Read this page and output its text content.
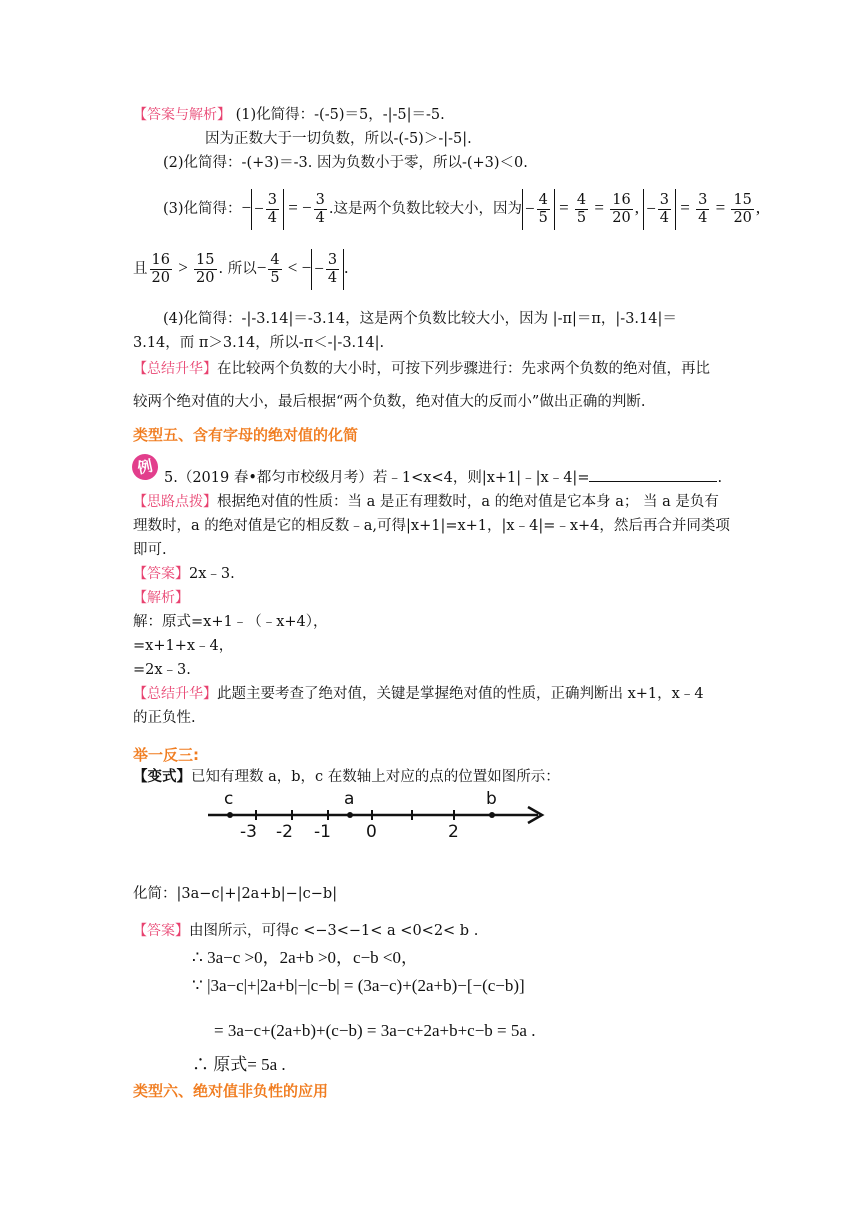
【答案与解析】 (1)化简得：-(-5)＝5，-|-5|＝-5.
因为正数大于一切负数，所以-(-5)＞-|-5|.
(2)化简得：-(+3)＝-3. 因为负数小于零，所以-(+3)＜0.
(3)化简得：− − $\frac{3}{4}$ = − $\frac{3}{4}$ .这是两个负数比较大小，因为 − $\frac{4}{5} = \frac{4}{5} = \frac{16}{20}$ , − $\frac{3}{4} = \frac{3}{4} = \frac{15}{20}$ ,
且 $\frac{16}{20} > \frac{15}{20}$ . 所以− $\frac{4}{5}$ < − − $\frac{3}{4}$ .
(4)化简得：-|-3.14|＝-3.14，这是两个负数比较大小，因为 |-π|＝π，|-3.14|＝
3.14，而 π＞3.14，所以-π＜-|-3.14|.
【总结升华】在比较两个负数的大小时，可按下列步骤进行：先求两个负数的绝对值，再比
较两个绝对值的大小，最后根据“两个负数，绝对值大的反而小”做出正确的判断.
类型五、含有字母的绝对值的化简
例
5.（2019 春•都匀市校级月考）若﹣1<x<4，则|x+1|﹣|x﹣4|=	.
【思路点拨】根据绝对值的性质：当 a 是正有理数时，a 的绝对值是它本身 a； 当 a 是负有
理数时，a 的绝对值是它的相反数﹣a,可得|x+1|=x+1，|x﹣4|=﹣x+4，然后再合并同类项
即可.
【答案】2x﹣3.
【解析】
解：原式=x+1﹣（﹣x+4），
=x+1+x﹣4，
=2x﹣3.
【总结升华】此题主要考查了绝对值，关键是掌握绝对值的性质，正确判断出 x+1，x﹣4
的正负性.
举一反三:
【变式】已知有理数 a，b，c 在数轴上对应的点的位置如图所示：
c	a	b
-3 -2 -1 0	2
化简：|3a−c|+|2a+b|−|c−b|
【答案】由图所示，可得c <−3<−1< a <0<2< b .
∴ 3a−c >0，2a+b >0，c−b <0，
∵ |3a−c|+|2a+b|−|c−b| = (3a−c)+(2a+b)−[−(c−b)]
= 3a−c+(2a+b)+(c−b) = 3a−c+2a+b+c−b = 5a .
∴ 原式= 5a .
类型六、绝对值非负性的应用
